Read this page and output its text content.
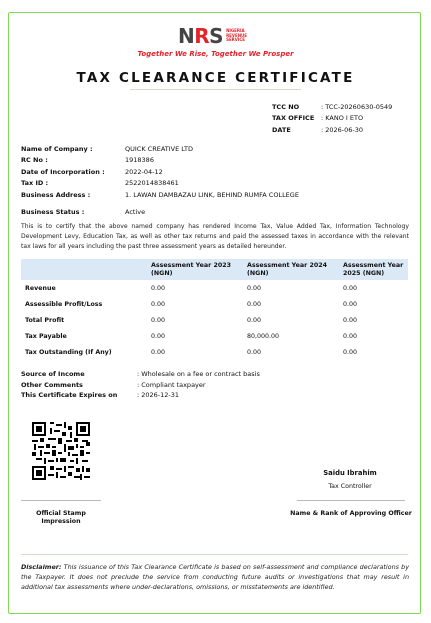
NRS NIGERIA
REVENUE
SERVICE
Together We Rise, Together We Prosper
TAX CLEARANCE CERTIFICATE
TCC NO	: TCC-20260630-0549
TAX OFFICE	: KANO I ETO
DATE	: 2026-06-30
Name of Company :	QUICK CREATIVE LTD
RC No :	1918386
Date of Incorporation :	2022-04-12
Tax ID :	2522014838461
Business Address :	1. LAWAN DAMBAZAU LINK, BEHIND RUMFA COLLEGE
Business Status :	Active
This is to certify that the above named company has rendered Income Tax, Value Added Tax, Information Technology Development Levy, Education Tax, as well as other tax returns and paid the assessed taxes in accordance with the relevant tax laws for all years including the past three assessment years as detailed hereunder.
	Assessment Year 2023 (NGN)	Assessment Year 2024 (NGN)	Assessment Year 2025 (NGN)
Revenue	0.00	0.00	0.00
Assessible Profit/Loss	0.00	0.00	0.00
Total Profit	0.00	0.00	0.00
Tax Payable	0.00	80,000.00	0.00
Tax Outstanding (If Any)	0.00	0.00	0.00
Source of Income	: Wholesale on a fee or contract basis
Other Comments	: Compliant taxpayer
This Certificate Expires on	: 2026-12-31
Saidu Ibrahim
Tax Controller
Official Stamp Impression
Name & Rank of Approving Officer
Disclaimer: This issuance of this Tax Clearance Certificate is based on self-assessment and compliance declarations by the Taxpayer. It does not preclude the service from conducting future audits or investigations that may result in additional tax assessments where under-declarations, omissions, or misstatements are identified.
